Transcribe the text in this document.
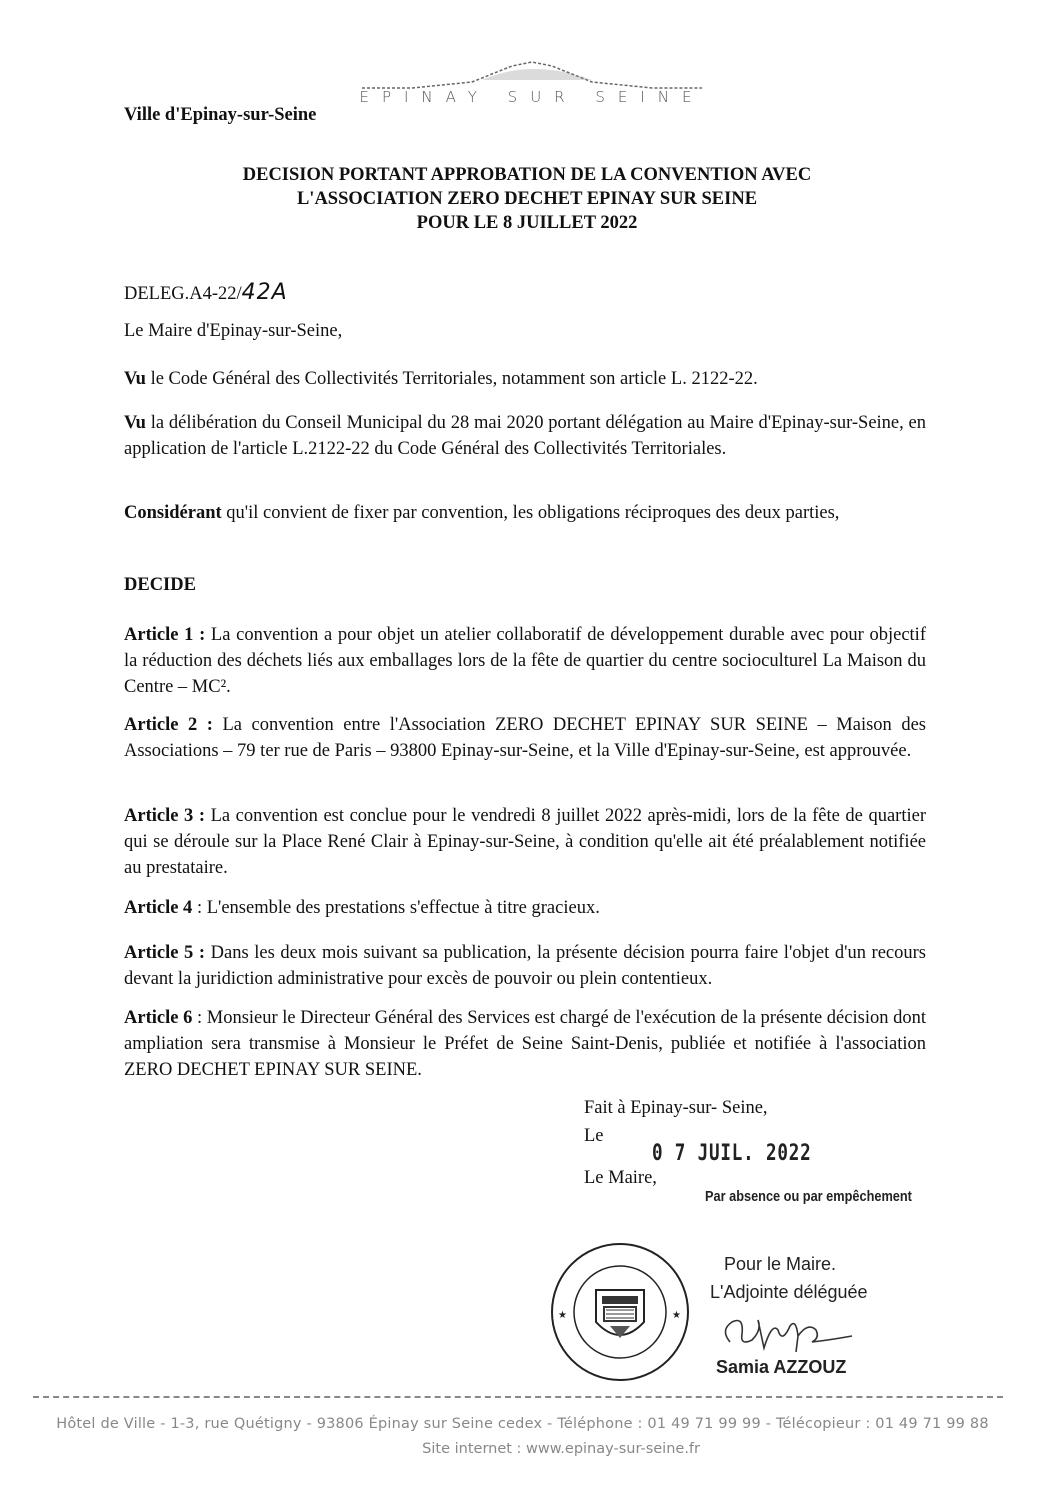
Ville d'Epinay-sur-Seine
EPINAY SUR SEINE
DECISION PORTANT APPROBATION DE LA CONVENTION AVEC
L'ASSOCIATION ZERO DECHET EPINAY SUR SEINE
POUR LE 8 JUILLET 2022
DELEG.A4-22/42A
Le Maire d'Epinay-sur-Seine,
Vu le Code Général des Collectivités Territoriales, notamment son article L. 2122-22.
Vu la délibération du Conseil Municipal du 28 mai 2020 portant délégation au Maire d'Epinay-sur-Seine, en application de l'article L.2122-22 du Code Général des Collectivités Territoriales.
Considérant qu'il convient de fixer par convention, les obligations réciproques des deux parties,
DECIDE
Article 1 : La convention a pour objet un atelier collaboratif de développement durable avec pour objectif la réduction des déchets liés aux emballages lors de la fête de quartier du centre socioculturel La Maison du Centre – MC².
Article 2 : La convention entre l'Association ZERO DECHET EPINAY SUR SEINE – Maison des Associations – 79 ter rue de Paris – 93800 Epinay-sur-Seine, et la Ville d'Epinay-sur-Seine, est approuvée.
Article 3 : La convention est conclue pour le vendredi 8 juillet 2022 après-midi, lors de la fête de quartier qui se déroule sur la Place René Clair à Epinay-sur-Seine, à condition qu'elle ait été préalablement notifiée au prestataire.
Article 4 : L'ensemble des prestations s'effectue à titre gracieux.
Article 5 : Dans les deux mois suivant sa publication, la présente décision pourra faire l'objet d'un recours devant la juridiction administrative pour excès de pouvoir ou plein contentieux.
Article 6 : Monsieur le Directeur Général des Services est chargé de l'exécution de la présente décision dont ampliation sera transmise à Monsieur le Préfet de Seine Saint-Denis, publiée et notifiée à l'association ZERO DECHET EPINAY SUR SEINE.
Fait à Epinay-sur- Seine,
Le
0 7 JUIL. 2022
Le Maire,
Par absence ou par empêchement
★	★
Pour le Maire.
L'Adjointe déléguée
Samia AZZOUZ
Hôtel de Ville - 1-3, rue Quétigny - 93806 Épinay sur Seine cedex - Téléphone : 01 49 71 99 99 - Télécopieur : 01 49 71 99 88
Site internet : www.epinay-sur-seine.fr
